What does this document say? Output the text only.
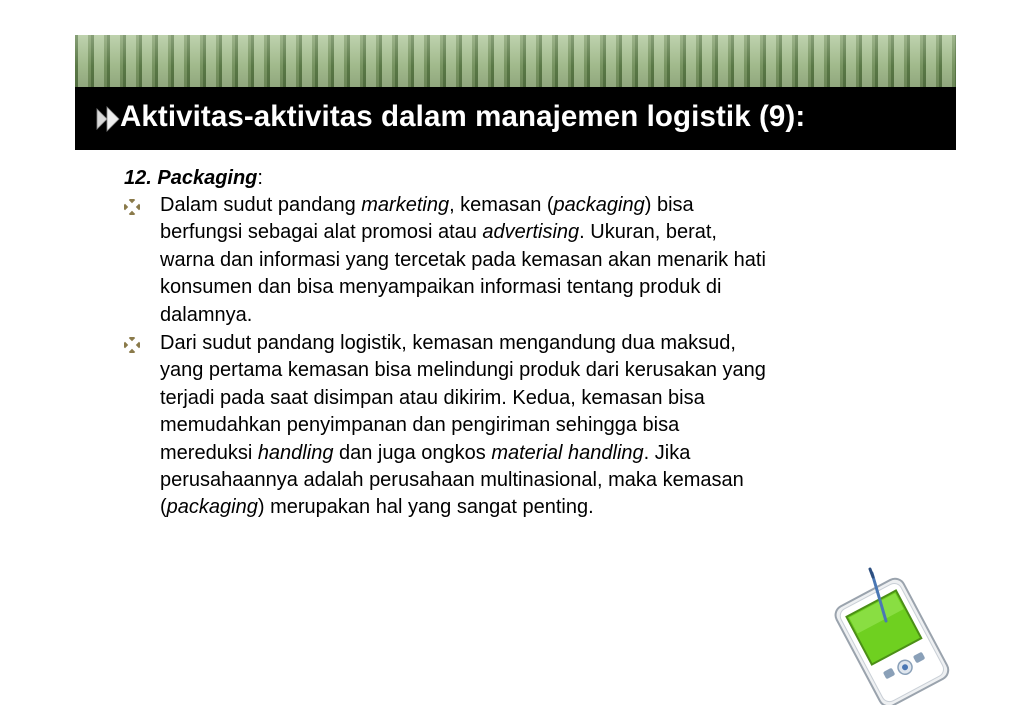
Aktivitas-aktivitas dalam manajemen logistik (9):

12. Packaging:

Dalam sudut pandang marketing, kemasan (packaging) bisa
berfungsi sebagai alat promosi atau advertising. Ukuran, berat,
warna dan informasi yang tercetak pada kemasan akan menarik hati
konsumen dan bisa menyampaikan informasi tentang produk di
dalamnya.
Dari sudut pandang logistik, kemasan mengandung dua maksud,
yang pertama kemasan bisa melindungi produk dari kerusakan yang
terjadi pada saat disimpan atau dikirim. Kedua, kemasan bisa
memudahkan penyimpanan dan pengiriman sehingga bisa
mereduksi handling dan juga ongkos material handling. Jika
perusahaannya adalah perusahaan multinasional, maka kemasan
(packaging) merupakan hal yang sangat penting.
